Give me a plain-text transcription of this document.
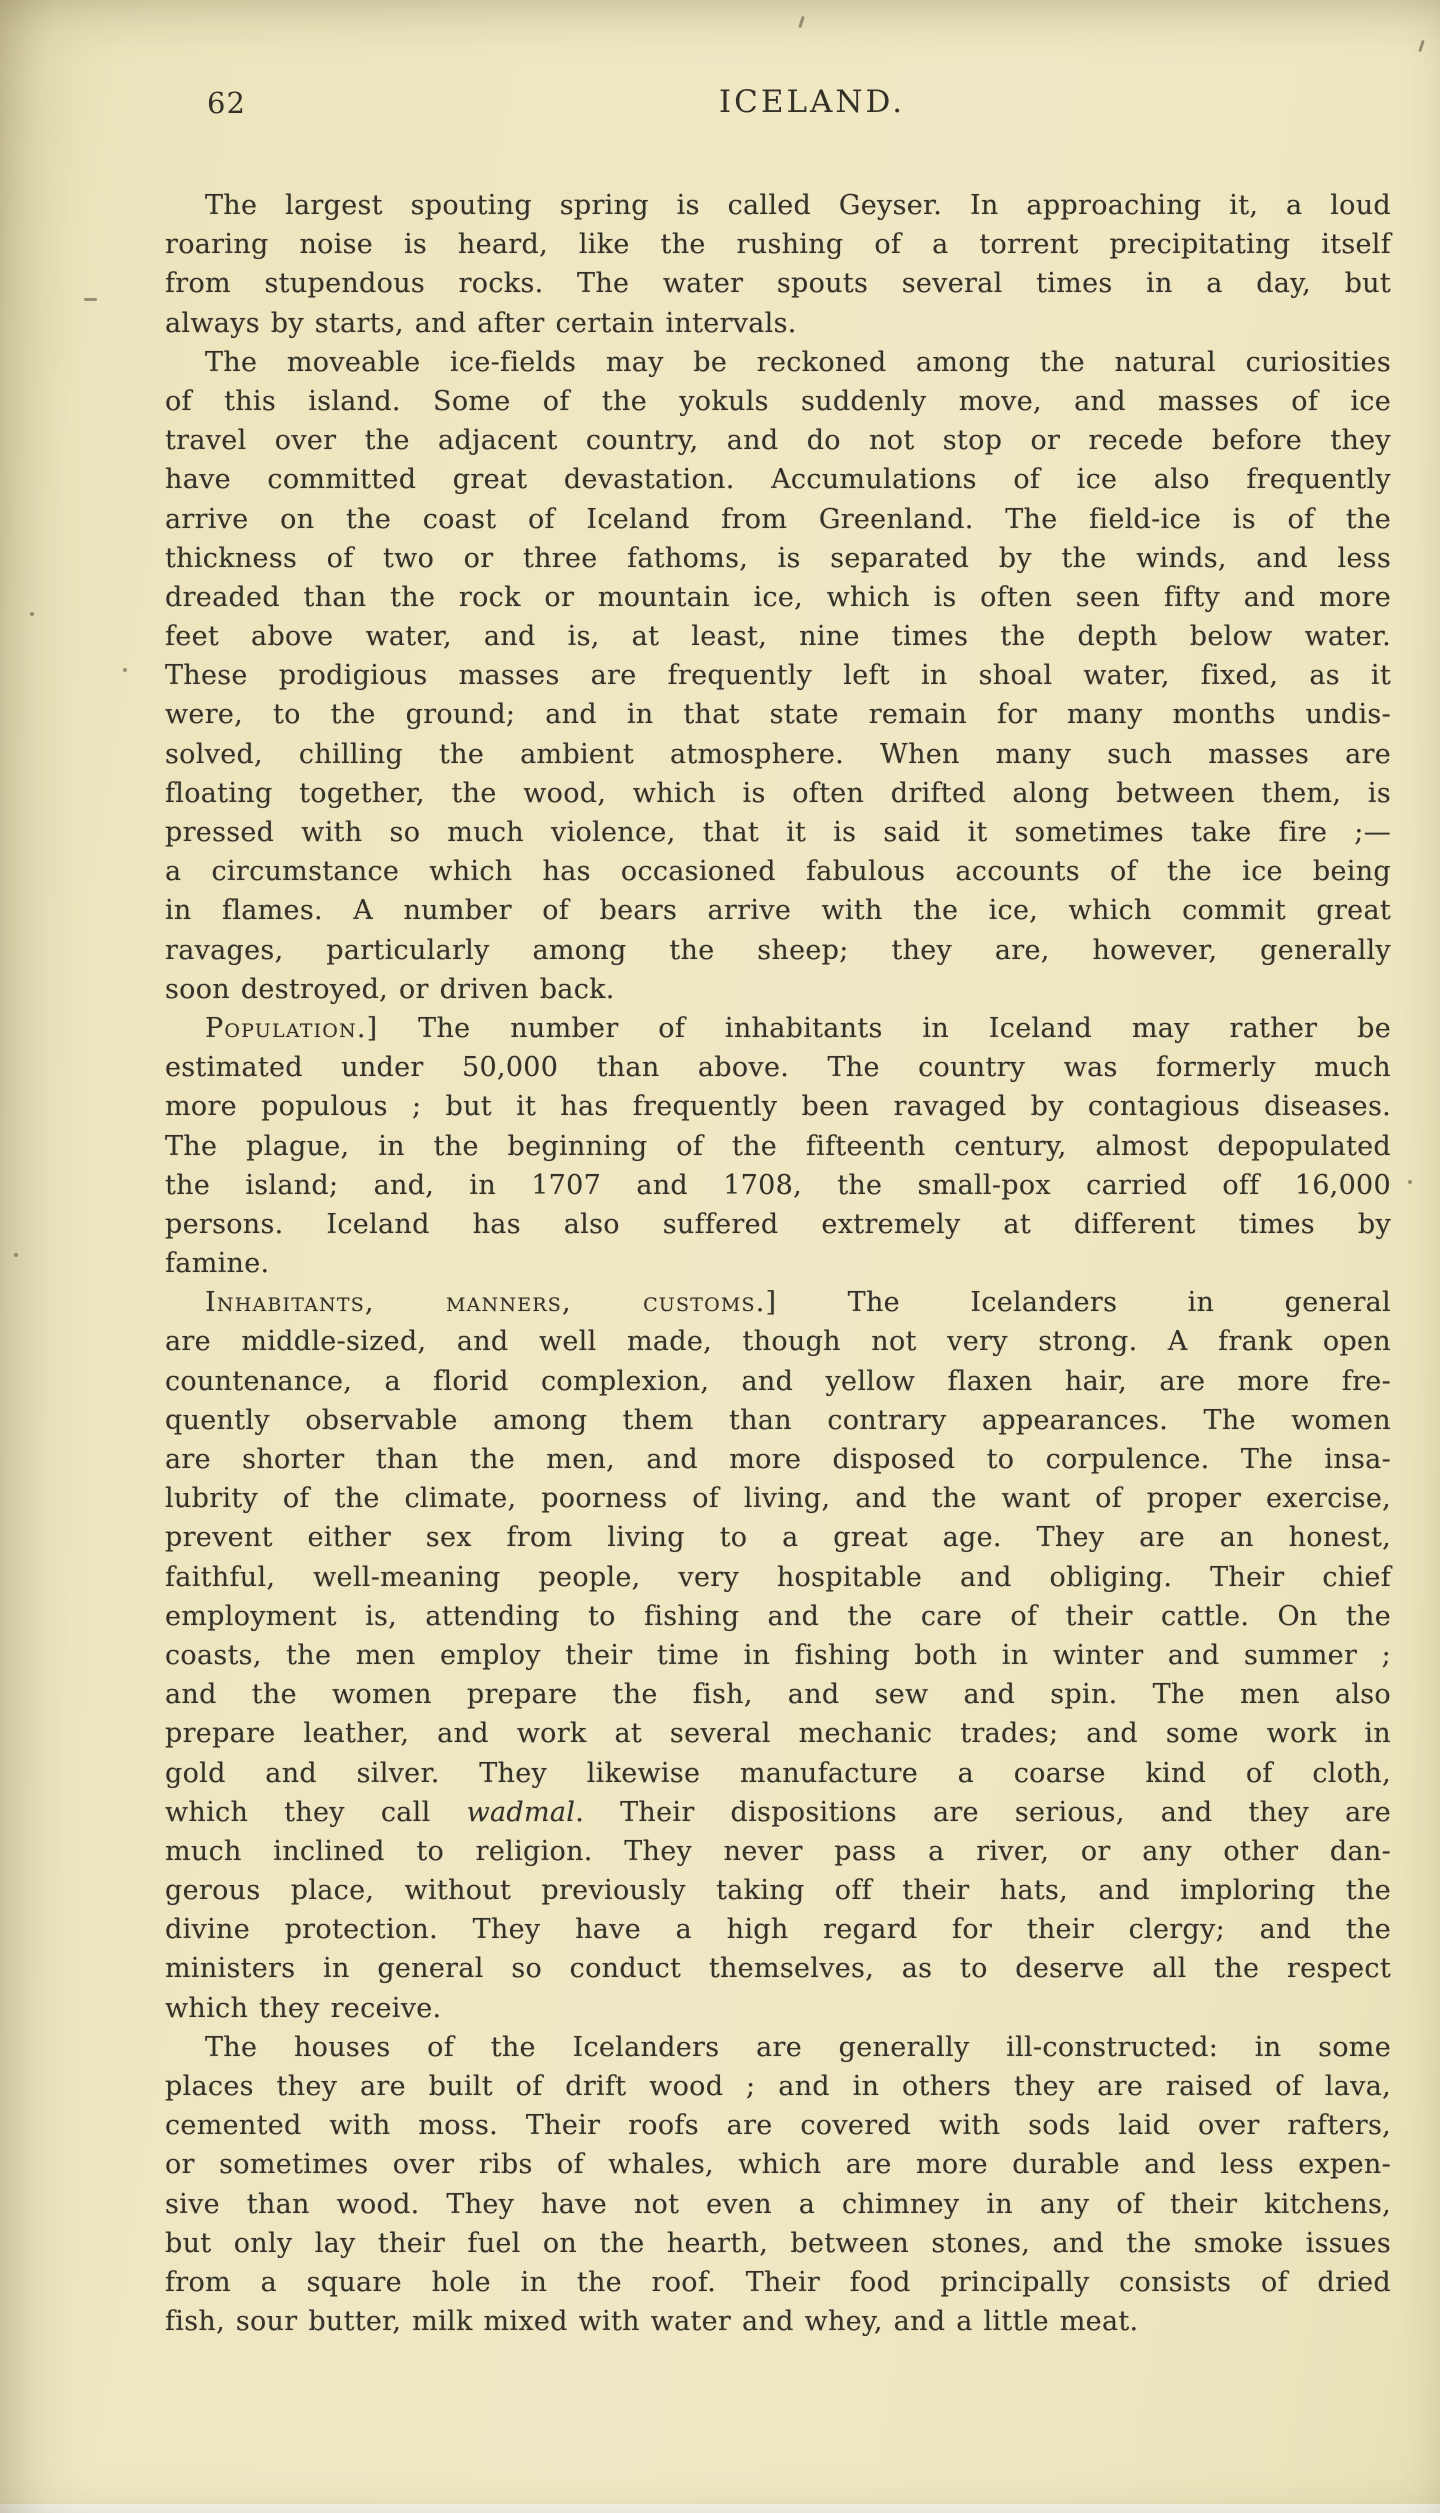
62	ICELAND.
The largest spouting spring is called Geyser. In approaching it, a loud
roaring noise is heard, like the rushing of a torrent precipitating itself
from stupendous rocks. The water spouts several times in a day, but
always by starts, and after certain intervals.
The moveable ice-fields may be reckoned among the natural curiosities
of this island. Some of the yokuls suddenly move, and masses of ice
travel over the adjacent country, and do not stop or recede before they
have committed great devastation. Accumulations of ice also frequently
arrive on the coast of Iceland from Greenland. The field-ice is of the
thickness of two or three fathoms, is separated by the winds, and less
dreaded than the rock or mountain ice, which is often seen fifty and more
feet above water, and is, at least, nine times the depth below water.
These prodigious masses are frequently left in shoal water, fixed, as it
were, to the ground; and in that state remain for many months undis-
solved, chilling the ambient atmosphere. When many such masses are
floating together, the wood, which is often drifted along between them, is
pressed with so much violence, that it is said it sometimes take fire ;—
a circumstance which has occasioned fabulous accounts of the ice being
in flames. A number of bears arrive with the ice, which commit great
ravages, particularly among the sheep; they are, however, generally
soon destroyed, or driven back.
Population.] The number of inhabitants in Iceland may rather be
estimated under 50,000 than above. The country was formerly much
more populous ; but it has frequently been ravaged by contagious diseases.
The plague, in the beginning of the fifteenth century, almost depopulated
the island; and, in 1707 and 1708, the small-pox carried off 16,000
persons. Iceland has also suffered extremely at different times by
famine.
Inhabitants, manners, customs.] The Icelanders in general
are middle-sized, and well made, though not very strong. A frank open
countenance, a florid complexion, and yellow flaxen hair, are more fre-
quently observable among them than contrary appearances. The women
are shorter than the men, and more disposed to corpulence. The insa-
lubrity of the climate, poorness of living, and the want of proper exercise,
prevent either sex from living to a great age. They are an honest,
faithful, well-meaning people, very hospitable and obliging. Their chief
employment is, attending to fishing and the care of their cattle. On the
coasts, the men employ their time in fishing both in winter and summer ;
and the women prepare the fish, and sew and spin. The men also
prepare leather, and work at several mechanic trades; and some work in
gold and silver. They likewise manufacture a coarse kind of cloth,
which they call wadmal. Their dispositions are serious, and they are
much inclined to religion. They never pass a river, or any other dan-
gerous place, without previously taking off their hats, and imploring the
divine protection. They have a high regard for their clergy; and the
ministers in general so conduct themselves, as to deserve all the respect
which they receive.
The houses of the Icelanders are generally ill-constructed: in some
places they are built of drift wood ; and in others they are raised of lava,
cemented with moss. Their roofs are covered with sods laid over rafters,
or sometimes over ribs of whales, which are more durable and less expen-
sive than wood. They have not even a chimney in any of their kitchens,
but only lay their fuel on the hearth, between stones, and the smoke issues
from a square hole in the roof. Their food principally consists of dried
fish, sour butter, milk mixed with water and whey, and a little meat.
